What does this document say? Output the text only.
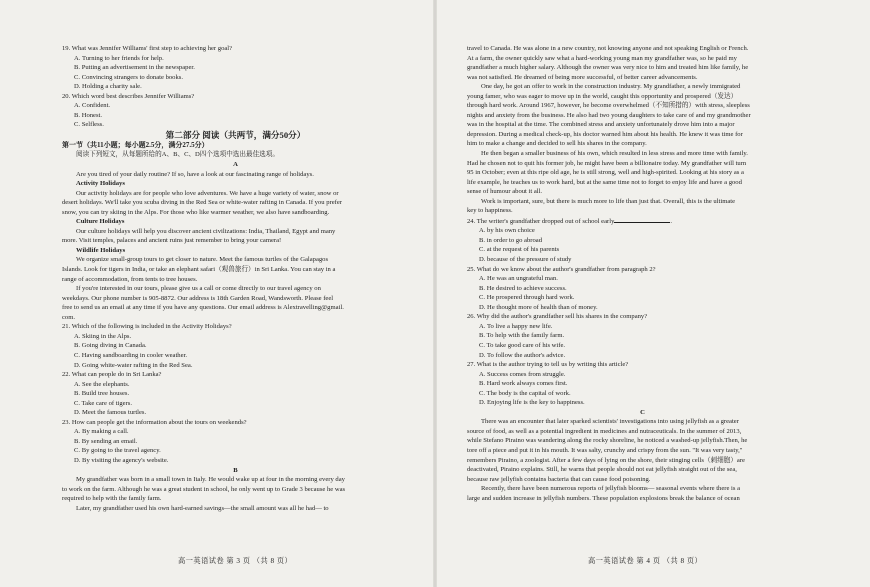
19. What was Jennifer Williams' first step to achieving her goal?
A. Turning to her friends for help.
B. Putting an advertisement in the newspaper.
C. Convincing strangers to donate books.
D. Holding a charity sale.
20. Which word best describes Jennifer Williams?
A. Confident.
B. Honest.
C. Selfless.
第二部分 阅读（共两节，满分50分）
第一节（共11小题；每小题2.5分，满分27.5分）
阅读下列短文，从每题所给的A、B、C、D四个选项中选出最佳选项。
A
Are you tired of your daily routine? If so, have a look at our fascinating range of holidays.
Activity Holidays
Our activity holidays are for people who love adventures. We have a huge variety of water, snow or
desert holidays. We'll take you scuba diving in the Red Sea or white-water rafting in Canada. If you prefer
snow, you can try skiing in the Alps. For those who like warmer weather, we also have sandboarding.
Culture Holidays
Our culture holidays will help you discover ancient civilizations: India, Thailand, Egypt and many
more. Visit temples, palaces and ancient ruins just remember to bring your camera!
Wildlife Holidays
We organize small-group tours to get closer to nature. Meet the famous turtles of the Galapagos
Islands. Look for tigers in India, or take an elephant safari（观兽旅行）in Sri Lanka. You can stay in a
range of accommodation, from tents to tree houses.
If you're interested in our tours, please give us a call or come directly to our travel agency on
weekdays. Our phone number is 905-8872. Our address is 18th Garden Road, Wandsworth. Please feel
free to send us an email at any time if you have any questions. Our email address is Alextravelling@gmail.
com.
21. Which of the following is included in the Activity Holidays?
A. Skiing in the Alps.
B. Going diving in Canada.
C. Having sandboarding in cooler weather.
D. Going white-water rafting in the Red Sea.
22. What can people do in Sri Lanka?
A. See the elephants.
B. Build tree houses.
C. Take care of tigers.
D. Meet the famous turtles.
23. How can people get the information about the tours on weekends?
A. By making a call.
B. By sending an email.
C. By going to the travel agency.
D. By visiting the agency's website.
B
My grandfather was born in a small town in Italy. He would wake up at four in the morning every day
to work on the farm. Although he was a great student in school, he only went up to Grade 3 because he was
required to help with the family farm.
Later, my grandfather used his own hard-earned savings—the small amount was all he had— to
高一英语试卷 第 3 页 （共 8 页）
travel to Canada. He was alone in a new country, not knowing anyone and not speaking English or French.
At a farm, the owner quickly saw what a hard-working young man my grandfather was, so he paid my
grandfather a much higher salary. Although the owner was very nice to him and treated him like family, he
was not satisfied. He dreamed of being more successful, of better career advancements.
One day, he got an offer to work in the construction industry. My grandfather, a newly immigrated
young famer, who was eager to move up in the world, caught this opportunity and prospered（发达）
through hard work. Around 1967, however, he become overwhelmed（不知所措的）with stress, sleepless
nights and anxiety from the business. He also had two young daughters to take care of and my grandmother
was in the hospital at the time. The combined stress and anxiety unfortunately drove him into a major
depression. During a medical check-up, his doctor warned him about his health. He knew it was time for
him to make a change and decided to sell his shares in the company.
He then began a smaller business of his own, which resulted in less stress and more time with family.
Had he chosen not to quit his former job, he might have been a billionaire today. My grandfather will turn
95 in October; even at this ripe old age, he is still strong, well and high-spirited. Looking at his story as a
life example, he teaches us to work hard, but at the same time not to forget to enjoy life and have a good
sense of humour about it all.
Work is important, sure, but there is much more to life than just that. Overall, this is the ultimate
key to happiness.
24. The writer's grandfather dropped out of school early	.
A. by his own choice
B. in order to go abroad
C. at the request of his parents
D. because of the pressure of study
25. What do we know about the author's grandfather from paragraph 2?
A. He was an ungrateful man.
B. He desired to achieve success.
C. He prospered through hard work.
D. He thought more of health than of money.
26. Why did the author's grandfather sell his shares in the company?
A. To live a happy new life.
B. To help with the family farm.
C. To take good care of his wife.
D. To follow the author's advice.
27. What is the author trying to tell us by writing this article?
A. Success comes from struggle.
B. Hard work always comes first.
C. The body is the capital of work.
D. Enjoying life is the key to happiness.
C
There was an encounter that later sparked scientists' investigations into using jellyfish as a greater
source of food, as well as a potential ingredient in medicines and nutraceuticals. In the summer of 2013,
while Stefano Piraino was wandering along the rocky shoreline, he noticed a washed-up jellyfish.Then, he
tore off a piece and put it in his mouth. It was salty, crunchy and crispy from the sun. "It was very tasty,"
remembers Piraino, a zoologist. After a few days of lying on the shore, their stinging cells（刺细胞）are
deactivated, Piraino explains. Still, he warns that people should not eat jellyfish straight out of the sea,
because raw jellyfish contains bacteria that can cause food poisoning.
Recently, there have been numerous reports of jellyfish blooms— seasonal events where there is a
large and sudden increase in jellyfish numbers. These population explosions break the balance of ocean
高一英语试卷 第 4 页 （共 8 页）
